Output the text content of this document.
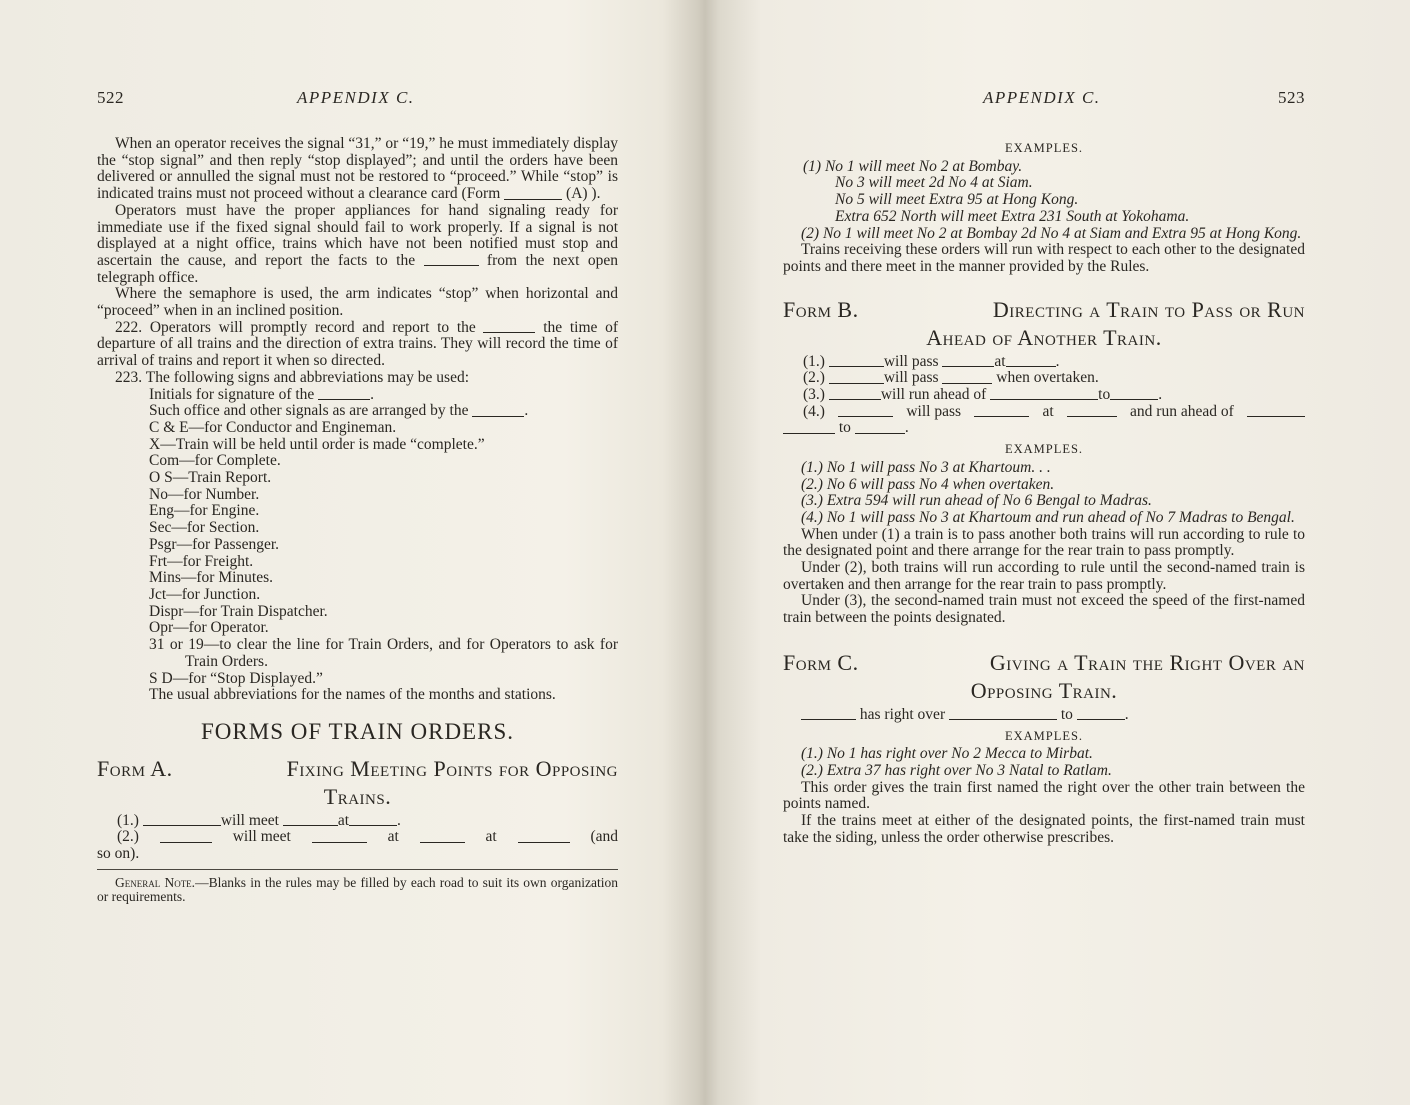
522	APPENDIX C.

When an operator receives the signal “31,” or “19,” he must immediately display the “stop signal” and then reply “stop displayed”; and until the orders have been delivered or annulled the signal must not be restored to “proceed.” While “stop” is indicated trains must not proceed without a clearance card (Form	(A) ).

Operators must have the proper appliances for hand signaling ready for immediate use if the fixed signal should fail to work properly. If a signal is not displayed at a night office, trains which have not been notified must stop and ascertain the cause, and report the facts to the	from the next open telegraph office.

Where the semaphore is used, the arm indicates “stop” when horizontal and “proceed” when in an inclined position.

222. Operators will promptly record and report to the	the time of departure of all trains and the direction of extra trains. They will record the time of arrival of trains and report it when so directed.

223. The following signs and abbreviations may be used:

Initials for signature of the	.

Such office and other signals as are arranged by the	.

C & E—for Conductor and Engineman.

X—Train will be held until order is made “complete.”

Com—for Complete.

O S—Train Report.

No—for Number.

Eng—for Engine.

Sec—for Section.

Psgr—for Passenger.

Frt—for Freight.

Mins—for Minutes.

Jct—for Junction.

Dispr—for Train Dispatcher.

Opr—for Operator.

31 or 19—to clear the line for Train Orders, and for Operators to ask for Train Orders.

S D—for “Stop Displayed.”

The usual abbreviations for the names of the months and stations.

FORMS OF TRAIN ORDERS.
Form A.	Fixing Meeting Points for Opposing
Trains.
(1.)	will meet	at	.
(2.)	will meet	at	at	(and

so on).

General Note.—Blanks in the rules may be filled by each road to suit its own organization or requirements.
APPENDIX C.	523
EXAMPLES.

(1) No 1 will meet No 2 at Bombay.

No 3 will meet 2d No 4 at Siam.

No 5 will meet Extra 95 at Hong Kong.

Extra 652 North will meet Extra 231 South at Yokohama.

(2) No 1 will meet No 2 at Bombay 2d No 4 at Siam and Extra 95 at Hong Kong.

Trains receiving these orders will run with respect to each other to the designated points and there meet in the manner provided by the Rules.

Form B.	Directing a Train to Pass or Run
Ahead of Another Train.
(1.)	will pass	at	.
(2.)	will pass	when overtaken.
(3.)	will run ahead of	to	.
(4.)	will pass	at	and run ahead of
to	.
EXAMPLES.

(1.) No 1 will pass No 3 at Khartoum. . .

(2.) No 6 will pass No 4 when overtaken.

(3.) Extra 594 will run ahead of No 6 Bengal to Madras.

(4.) No 1 will pass No 3 at Khartoum and run ahead of No 7 Madras to Bengal.

When under (1) a train is to pass another both trains will run according to rule to the designated point and there arrange for the rear train to pass promptly.

Under (2), both trains will run according to rule until the second-named train is overtaken and then arrange for the rear train to pass promptly.

Under (3), the second-named train must not exceed the speed of the first-named train between the points designated.

Form C.	Giving a Train the Right Over an
Opposing Train.
has right over	to	.
EXAMPLES.

(1.) No 1 has right over No 2 Mecca to Mirbat.

(2.) Extra 37 has right over No 3 Natal to Ratlam.

This order gives the train first named the right over the other train between the points named.

If the trains meet at either of the designated points, the first-named train must take the siding, unless the order otherwise prescribes.
